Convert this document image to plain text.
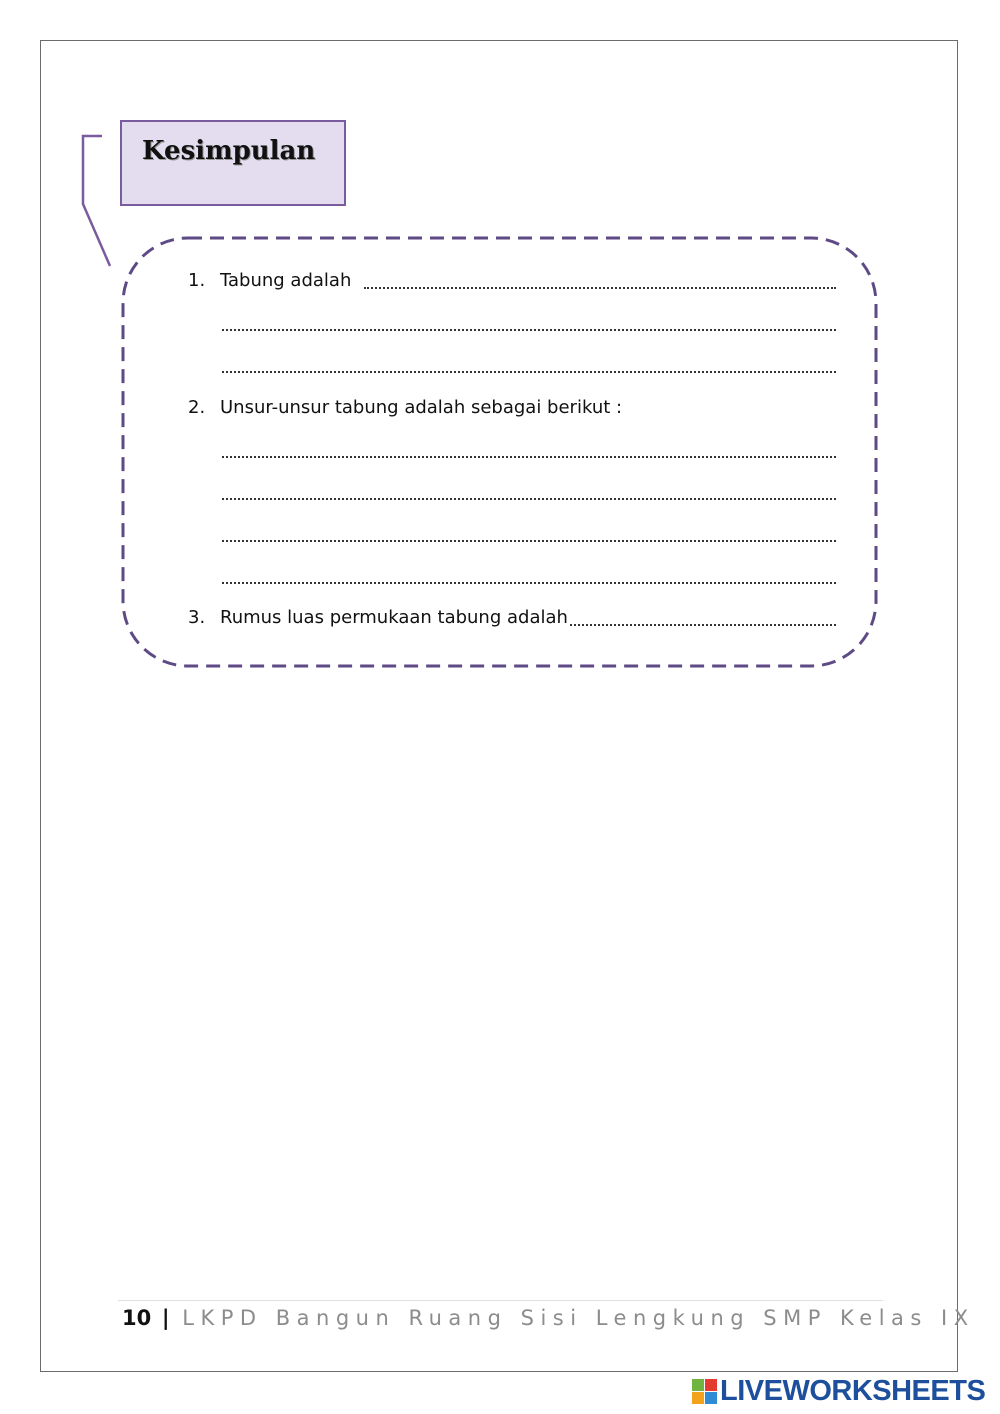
Kesimpulan
1. Tabung adalah
2. Unsur-unsur tabung adalah sebagai berikut :
3. Rumus luas permukaan tabung adalah
10 | LKPD Bangun Ruang Sisi Lengkung SMP Kelas IX
LIVEWORKSHEETS
